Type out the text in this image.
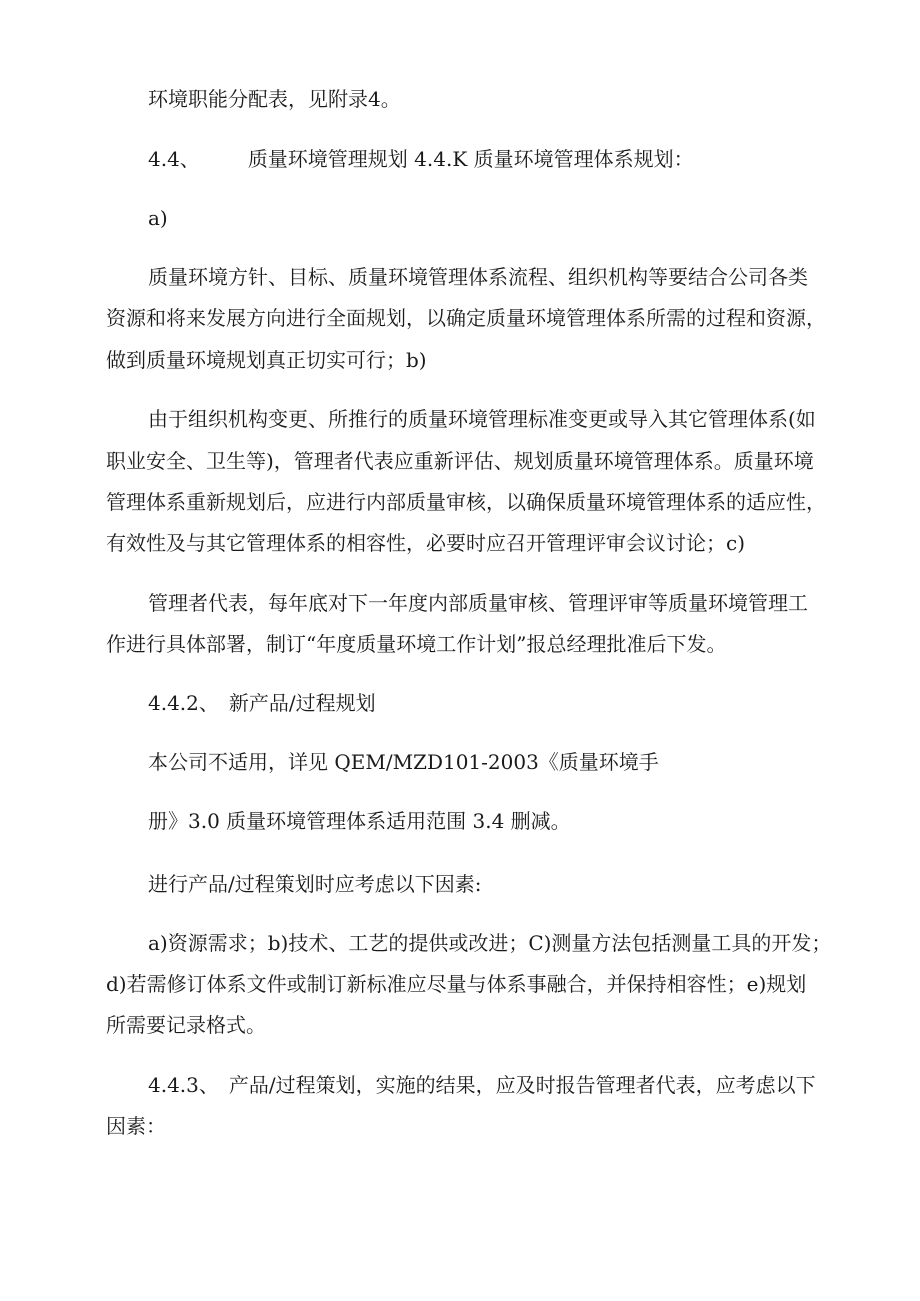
环境职能分配表，见附录4。
4.4、 质量环境管理规划 4.4.K 质量环境管理体系规划：
a)
质量环境方针、目标、质量环境管理体系流程、组织机构等要结合公司各类
资源和将来发展方向进行全面规划，以确定质量环境管理体系所需的过程和资源，
做到质量环境规划真正切实可行；b)
由于组织机构变更、所推行的质量环境管理标准变更或导入其它管理体系(如
职业安全、卫生等)，管理者代表应重新评估、规划质量环境管理体系。质量环境
管理体系重新规划后，应进行内部质量审核，以确保质量环境管理体系的适应性，
有效性及与其它管理体系的相容性，必要时应召开管理评审会议讨论；c)
管理者代表，每年底对下一年度内部质量审核、管理评审等质量环境管理工
作进行具体部署，制订“年度质量环境工作计划”报总经理批准后下发。
4.4.2、 新产品/过程规划
本公司不适用，详见 QEM/MZD101-2003《质量环境手
册》3.0 质量环境管理体系适用范围 3.4 删减。
进行产品/过程策划时应考虑以下因素:
a)资源需求；b)技术、工艺的提供或改进；C)测量方法包括测量工具的开发；
d)若需修订体系文件或制订新标准应尽量与体系事融合，并保持相容性；e)规划
所需要记录格式。
4.4.3、 产品/过程策划，实施的结果，应及时报告管理者代表，应考虑以下
因素：
